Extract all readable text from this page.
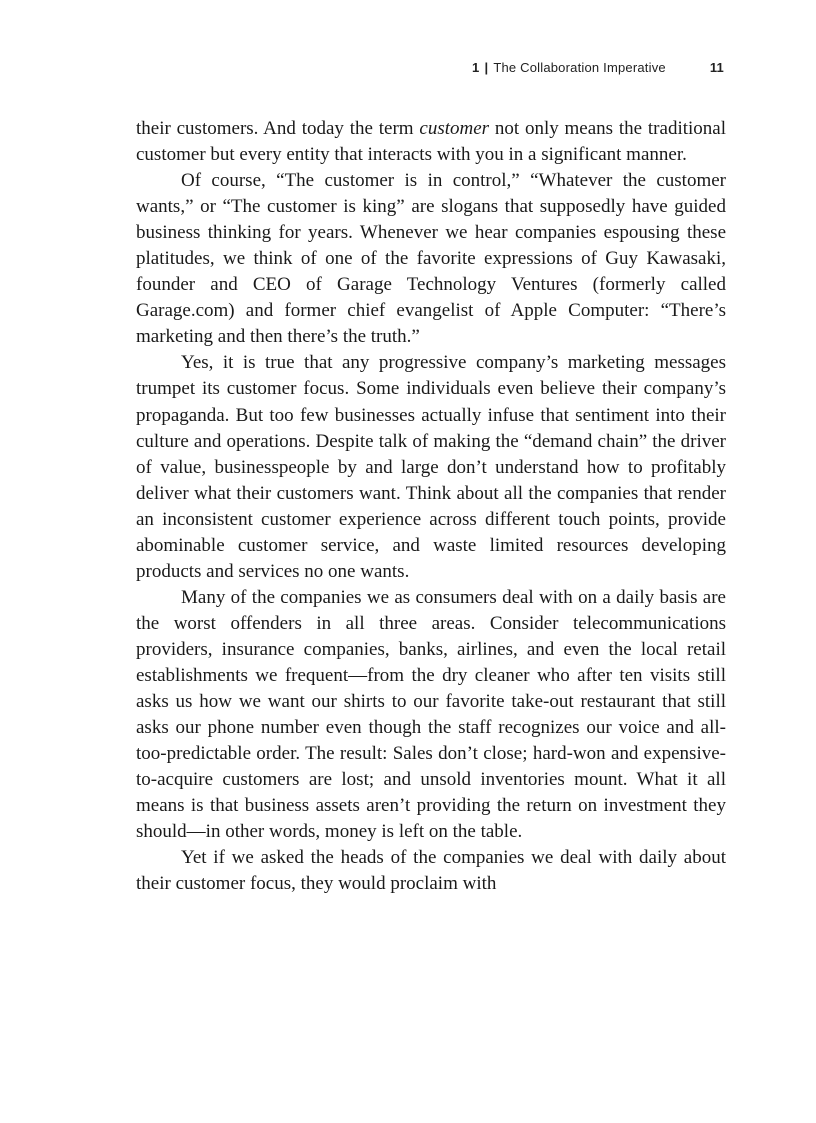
1 | The Collaboration Imperative	11

their customers. And today the term customer not only means the traditional customer but every entity that interacts with you in a significant manner.

Of course, “The customer is in control,” “Whatever the customer wants,” or “The customer is king” are slogans that supposedly have guided business thinking for years. Whenever we hear companies espousing these platitudes, we think of one of the favorite expressions of Guy Kawasaki, founder and CEO of Garage Technology Ventures (formerly called Garage.com) and former chief evangelist of Apple Computer: “There’s marketing and then there’s the truth.”

Yes, it is true that any progressive company’s marketing messages trumpet its customer focus. Some individuals even believe their company’s propaganda. But too few businesses actually infuse that sentiment into their culture and operations. Despite talk of making the “demand chain” the driver of value, businesspeople by and large don’t understand how to profitably deliver what their customers want. Think about all the companies that render an inconsistent customer experience across different touch points, provide abominable customer service, and waste limited resources developing products and services no one wants.

Many of the companies we as consumers deal with on a daily basis are the worst offenders in all three areas. Consider telecommunications providers, insurance companies, banks, airlines, and even the local retail establishments we frequent—from the dry cleaner who after ten visits still asks us how we want our shirts to our favorite take-out restaurant that still asks our phone number even though the staff recognizes our voice and all-too-predictable order. The result: Sales don’t close; hard-won and expensive-to-acquire customers are lost; and unsold inventories mount. What it all means is that business assets aren’t providing the return on investment they should—in other words, money is left on the table.

Yet if we asked the heads of the companies we deal with daily about their customer focus, they would proclaim with
